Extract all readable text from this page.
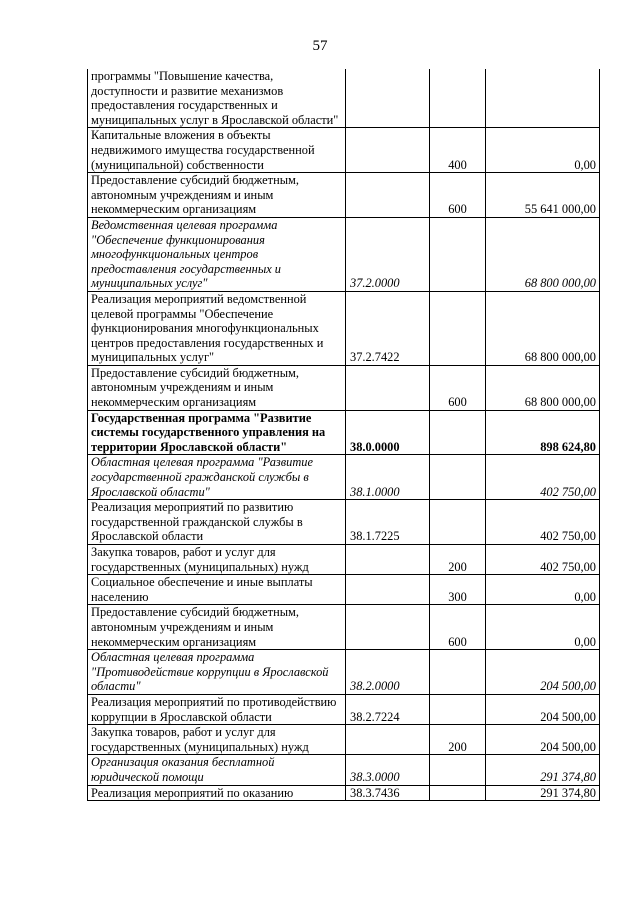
57
программы "Повышение качества, доступности и развитие механизмов предоставления государственных и муниципальных услуг в Ярославской области"			
Капитальные вложения в объекты недвижимого имущества государственной (муниципальной) собственности		400	0,00
Предоставление субсидий бюджетным, автономным учреждениям и иным некоммерческим организациям		600	55 641 000,00
Ведомственная целевая программа "Обеспечение функционирования многофункциональных центров предоставления государственных и муниципальных услуг"	37.2.0000		68 800 000,00
Реализация мероприятий ведомственной целевой программы "Обеспечение функционирования многофункциональных центров предоставления государственных и муниципальных услуг"	37.2.7422		68 800 000,00
Предоставление субсидий бюджетным, автономным учреждениям и иным некоммерческим организациям		600	68 800 000,00
Государственная программа "Развитие системы государственного управления на территории Ярославской области"	38.0.0000		898 624,80
Областная целевая программа "Развитие государственной гражданской службы в Ярославской области"	38.1.0000		402 750,00
Реализация мероприятий по развитию государственной гражданской службы в Ярославской области	38.1.7225		402 750,00
Закупка товаров, работ и услуг для государственных (муниципальных) нужд		200	402 750,00
Социальное обеспечение и иные выплаты населению		300	0,00
Предоставление субсидий бюджетным, автономным учреждениям и иным некоммерческим организациям		600	0,00
Областная целевая программа "Противодействие коррупции в Ярославской области"	38.2.0000		204 500,00
Реализация мероприятий по противодействию коррупции в Ярославской области	38.2.7224		204 500,00
Закупка товаров, работ и услуг для государственных (муниципальных) нужд		200	204 500,00
Организация оказания бесплатной юридической помощи	38.3.0000		291 374,80
Реализация мероприятий по оказанию	38.3.7436		291 374,80
